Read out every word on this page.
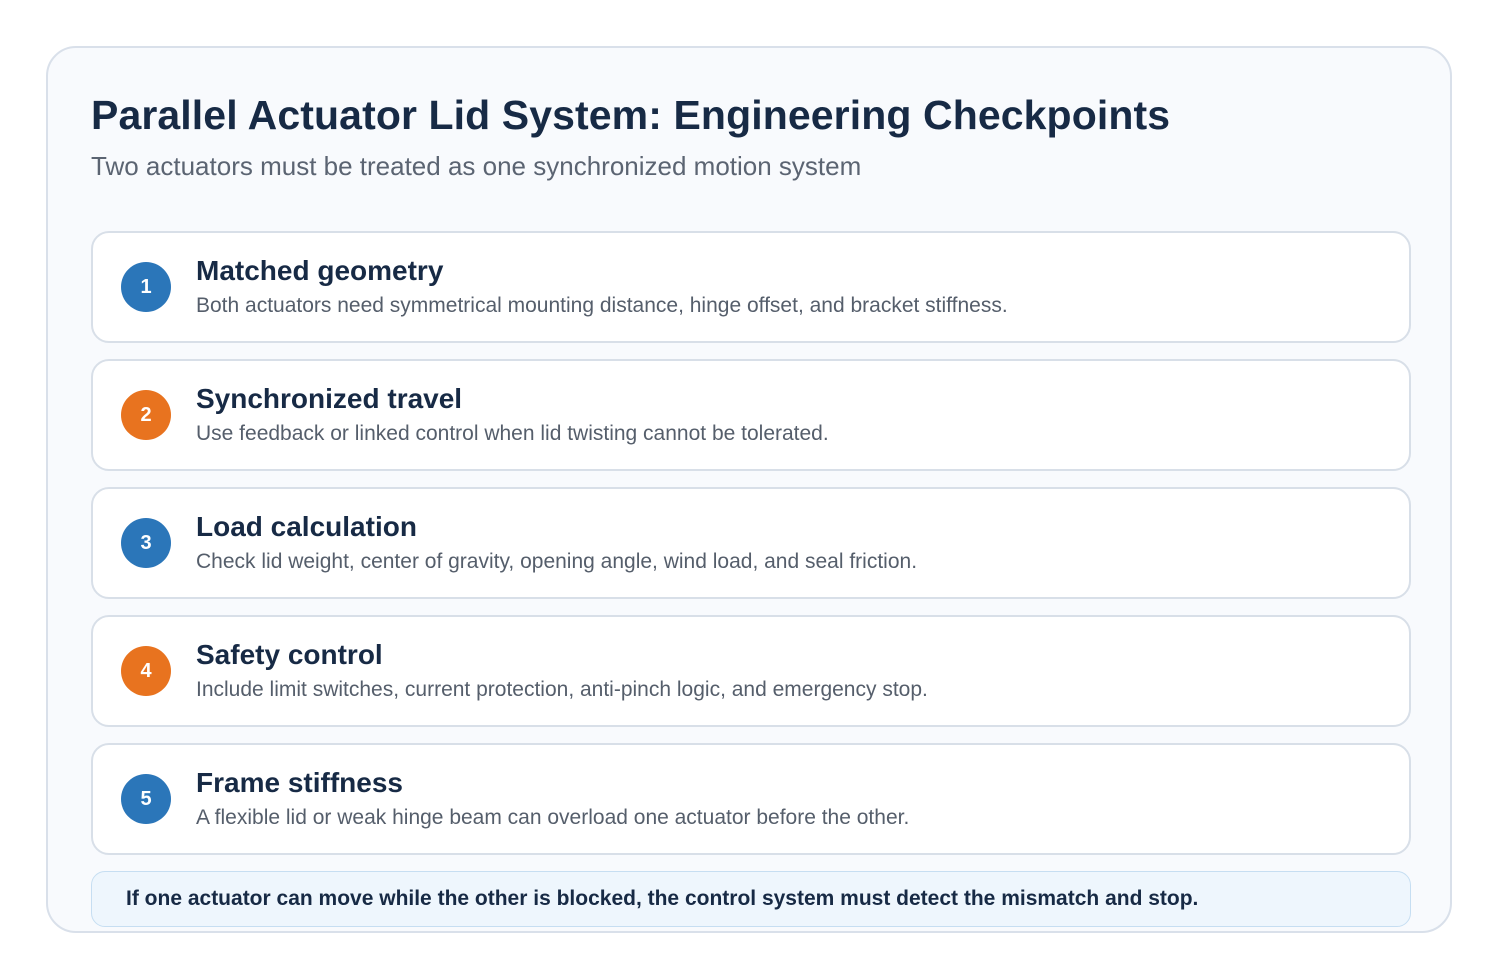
Parallel Actuator Lid System: Engineering Checkpoints

Two actuators must be treated as one synchronized motion system

1

Matched geometry

Both actuators need symmetrical mounting distance, hinge offset, and bracket stiffness.

2

Synchronized travel

Use feedback or linked control when lid twisting cannot be tolerated.

3

Load calculation

Check lid weight, center of gravity, opening angle, wind load, and seal friction.

4

Safety control

Include limit switches, current protection, anti-pinch logic, and emergency stop.

5

Frame stiffness

A flexible lid or weak hinge beam can overload one actuator before the other.

If one actuator can move while the other is blocked, the control system must detect the mismatch and stop.
